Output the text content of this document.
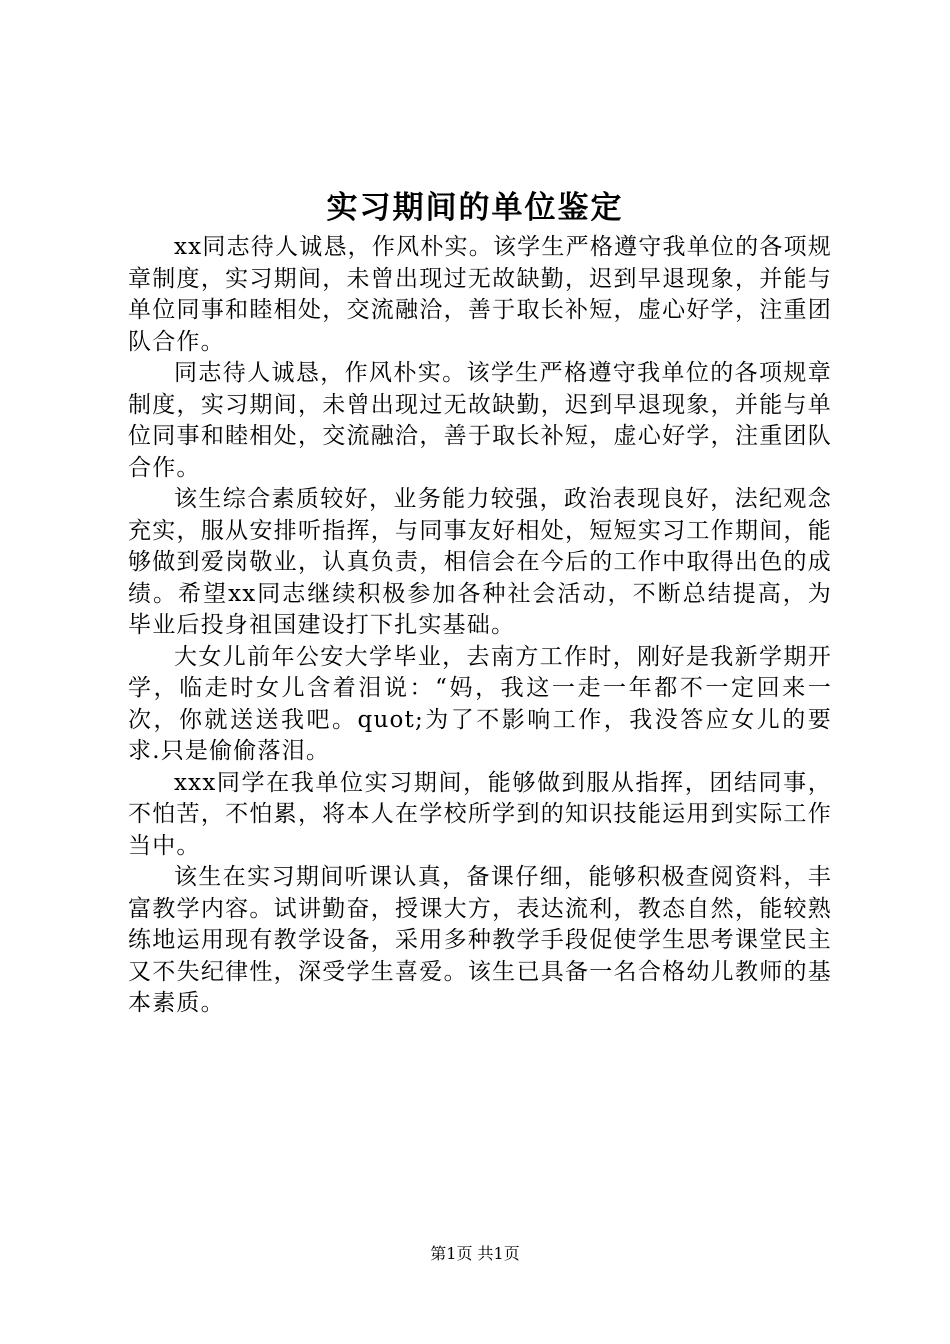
实习期间的单位鉴定

xx同志待人诚恳，作风朴实。该学生严格遵守我单位的各项规章制度，实习期间，未曾出现过无故缺勤，迟到早退现象，并能与单位同事和睦相处，交流融洽，善于取长补短，虚心好学，注重团队合作。

同志待人诚恳，作风朴实。该学生严格遵守我单位的各项规章制度，实习期间，未曾出现过无故缺勤，迟到早退现象，并能与单位同事和睦相处，交流融洽，善于取长补短，虚心好学，注重团队合作。

该生综合素质较好，业务能力较强，政治表现良好，法纪观念充实，服从安排听指挥，与同事友好相处，短短实习工作期间，能够做到爱岗敬业，认真负责，相信会在今后的工作中取得出色的成绩。希望xx同志继续积极参加各种社会活动，不断总结提高，为毕业后投身祖国建设打下扎实基础。

大女儿前年公安大学毕业，去南方工作时，刚好是我新学期开学，临走时女儿含着泪说：“妈，我这一走一年都不一定回来一次，你就送送我吧。quot;为了不影响工作，我没答应女儿的要求.只是偷偷落泪。

xxx同学在我单位实习期间，能够做到服从指挥，团结同事，不怕苦，不怕累，将本人在学校所学到的知识技能运用到实际工作当中。

该生在实习期间听课认真，备课仔细，能够积极查阅资料，丰富教学内容。试讲勤奋，授课大方，表达流利，教态自然，能较熟练地运用现有教学设备，采用多种教学手段促使学生思考课堂民主又不失纪律性，深受学生喜爱。该生已具备一名合格幼儿教师的基本素质。

第1页 共1页
